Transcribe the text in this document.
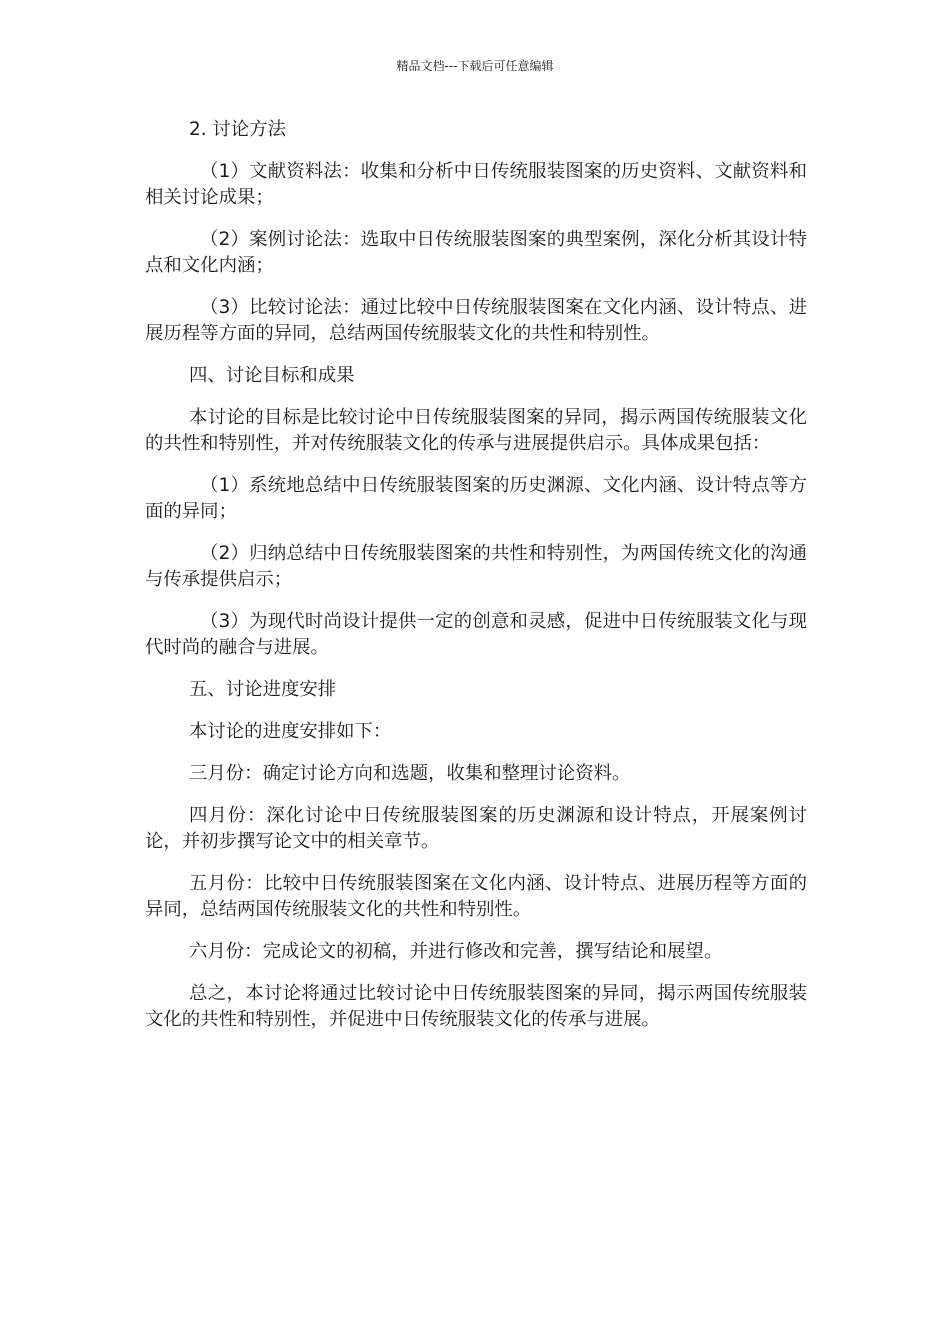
精品文档---下载后可任意编辑

2. 讨论方法

（1）文献资料法：收集和分析中日传统服装图案的历史资料、文献资料和相关讨论成果；

（2）案例讨论法：选取中日传统服装图案的典型案例，深化分析其设计特点和文化内涵；

（3）比较讨论法：通过比较中日传统服装图案在文化内涵、设计特点、进展历程等方面的异同，总结两国传统服装文化的共性和特别性。

四、讨论目标和成果

本讨论的目标是比较讨论中日传统服装图案的异同，揭示两国传统服装文化的共性和特别性，并对传统服装文化的传承与进展提供启示。具体成果包括：

（1）系统地总结中日传统服装图案的历史渊源、文化内涵、设计特点等方面的异同；

（2）归纳总结中日传统服装图案的共性和特别性，为两国传统文化的沟通与传承提供启示；

（3）为现代时尚设计提供一定的创意和灵感，促进中日传统服装文化与现代时尚的融合与进展。

五、讨论进度安排

本讨论的进度安排如下：

三月份：确定讨论方向和选题，收集和整理讨论资料。

四月份：深化讨论中日传统服装图案的历史渊源和设计特点，开展案例讨论，并初步撰写论文中的相关章节。

五月份：比较中日传统服装图案在文化内涵、设计特点、进展历程等方面的异同，总结两国传统服装文化的共性和特别性。

六月份：完成论文的初稿，并进行修改和完善，撰写结论和展望。

总之，本讨论将通过比较讨论中日传统服装图案的异同，揭示两国传统服装文化的共性和特别性，并促进中日传统服装文化的传承与进展。
